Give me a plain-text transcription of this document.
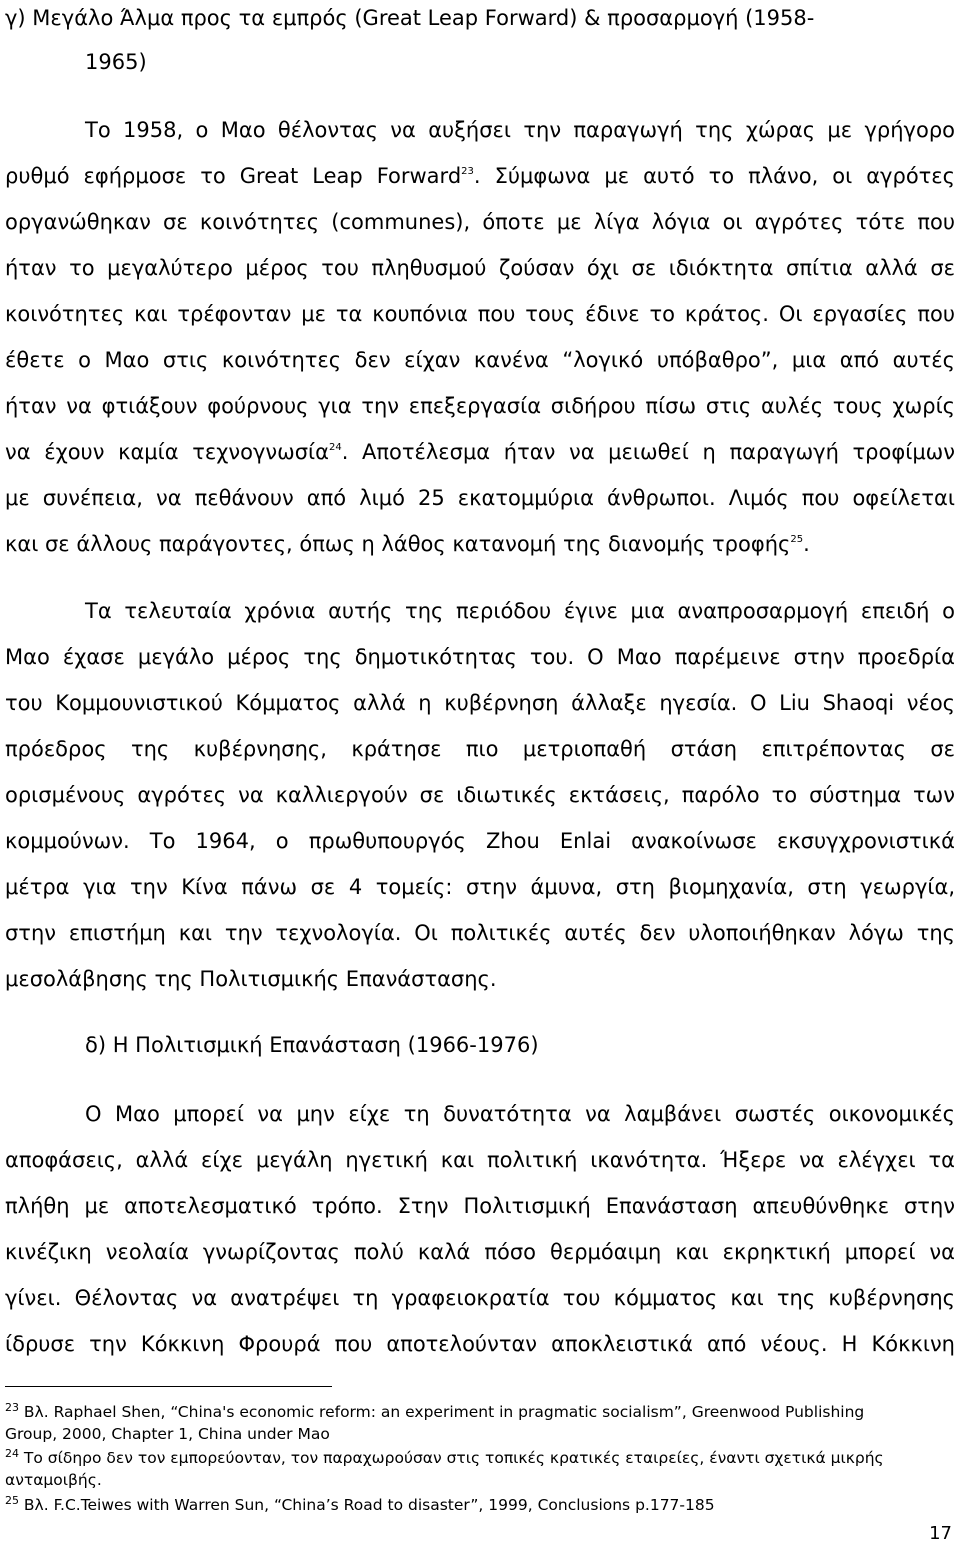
γ) Μεγάλο Άλμα προς τα εμπρός (Great Leap Forward) & προσαρμογή (1958-

1965)

Το 1958, ο Μαο θέλοντας να αυξήσει την παραγωγή της χώρας με γρήγορο

ρυθμό εφήρμοσε το Great Leap Forward$^{23}$. Σύμφωνα με αυτό το πλάνο, οι αγρότες

οργανώθηκαν σε κοινότητες (communes), όποτε με λίγα λόγια οι αγρότες τότε που

ήταν το μεγαλύτερο μέρος του πληθυσμού ζούσαν όχι σε ιδιόκτητα σπίτια αλλά σε

κοινότητες και τρέφονταν με τα κουπόνια που τους έδινε το κράτος. Οι εργασίες που

έθετε ο Μαο στις κοινότητες δεν είχαν κανένα “λογικό υπόβαθρο”, μια από αυτές

ήταν να φτιάξουν φούρνους για την επεξεργασία σιδήρου πίσω στις αυλές τους χωρίς

να έχουν καμία τεχνογνωσία$^{24}$. Αποτέλεσμα ήταν να μειωθεί η παραγωγή τροφίμων

με συνέπεια, να πεθάνουν από λιμό 25 εκατομμύρια άνθρωποι. Λιμός που οφείλεται

και σε άλλους παράγοντες, όπως η λάθος κατανομή της διανομής τροφής$^{25}$.

Τα τελευταία χρόνια αυτής της περιόδου έγινε μια αναπροσαρμογή επειδή ο

Μαο έχασε μεγάλο μέρος της δημοτικότητας του. Ο Μαο παρέμεινε στην προεδρία

του Κομμουνιστικού Κόμματος αλλά η κυβέρνηση άλλαξε ηγεσία. Ο Liu Shaoqi νέος

πρόεδρος της κυβέρνησης, κράτησε πιο μετριοπαθή στάση επιτρέποντας σε

ορισμένους αγρότες να καλλιεργούν σε ιδιωτικές εκτάσεις, παρόλο το σύστημα των

κομμούνων. Το 1964, ο πρωθυπουργός Zhou Enlai ανακοίνωσε εκσυγχρονιστικά

μέτρα για την Κίνα πάνω σε 4 τομείς: στην άμυνα, στη βιομηχανία, στη γεωργία,

στην επιστήμη και την τεχνολογία. Οι πολιτικές αυτές δεν υλοποιήθηκαν λόγω της

μεσολάβησης της Πολιτισμικής Επανάστασης.

δ) Η Πολιτισμική Επανάσταση (1966-1976)

Ο Μαο μπορεί να μην είχε τη δυνατότητα να λαμβάνει σωστές οικονομικές

αποφάσεις, αλλά είχε μεγάλη ηγετική και πολιτική ικανότητα. Ήξερε να ελέγχει τα

πλήθη με αποτελεσματικό τρόπο. Στην Πολιτισμική Επανάσταση απευθύνθηκε στην

κινέζικη νεολαία γνωρίζοντας πολύ καλά πόσο θερμόαιμη και εκρηκτική μπορεί να

γίνει. Θέλοντας να ανατρέψει τη γραφειοκρατία του κόμματος και της κυβέρνησης

ίδρυσε την Κόκκινη Φρουρά που αποτελούνταν αποκλειστικά από νέους. Η Κόκκινη

$^{23}$ Βλ. Raphael Shen, “China's economic reform: an experiment in pragmatic socialism”, Greenwood Publishing

Group, 2000, Chapter 1, China under Mao

$^{24}$ Το σίδηρο δεν τον εμπορεύονταν, τον παραχωρούσαν στις τοπικές κρατικές εταιρείες, έναντι σχετικά μικρής

ανταμοιβής.

$^{25}$ Βλ. F.C.Teiwes with Warren Sun, “China’s Road to disaster”, 1999, Conclusions p.177-185

17
